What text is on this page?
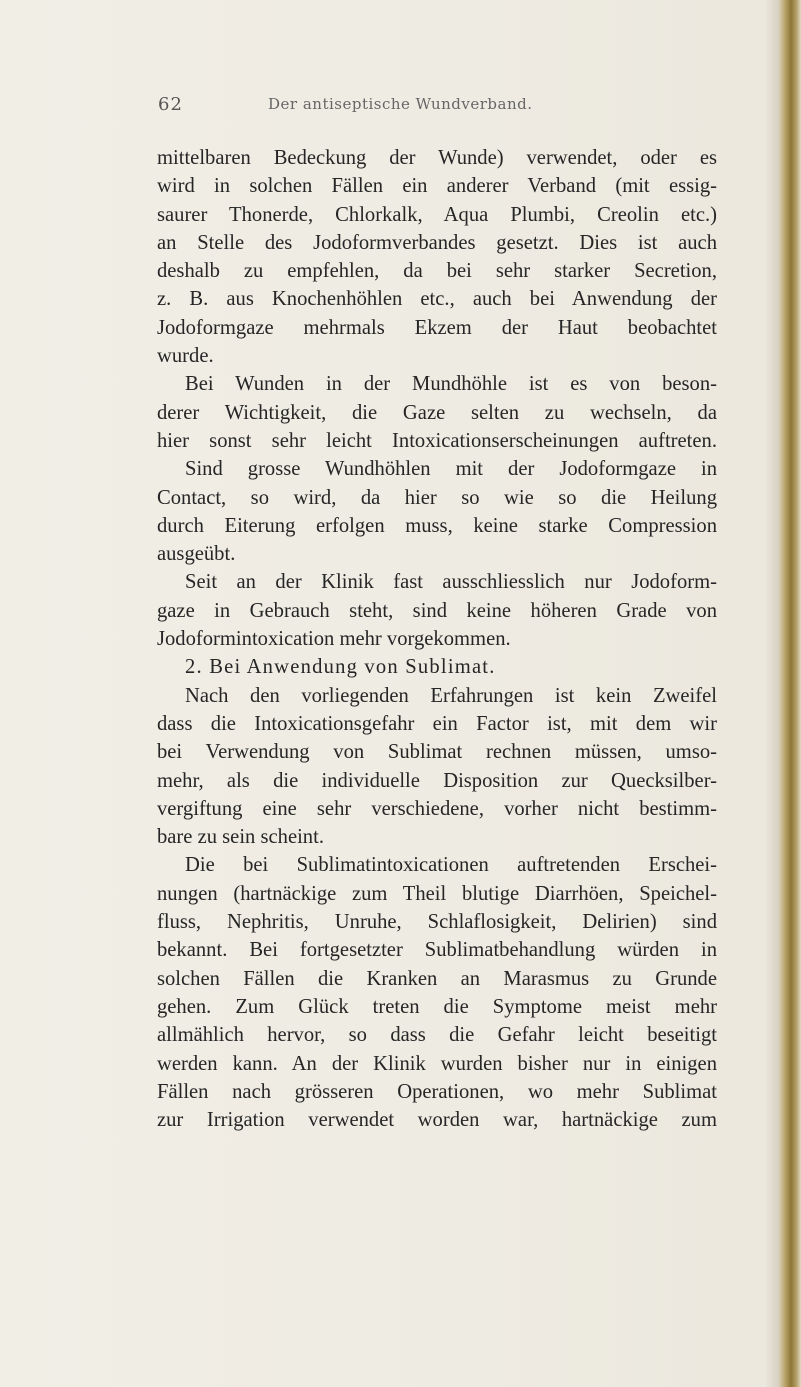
62	Der antiseptische Wundverband.
mittelbaren Bedeckung der Wunde) verwendet, oder es
wird in solchen Fällen ein anderer Verband (mit essig-
saurer Thonerde, Chlorkalk, Aqua Plumbi, Creolin etc.)
an Stelle des Jodoformverbandes gesetzt. Dies ist auch
deshalb zu empfehlen, da bei sehr starker Secretion,
z. B. aus Knochenhöhlen etc., auch bei Anwendung der
Jodoformgaze mehrmals Ekzem der Haut beobachtet
wurde.
Bei Wunden in der Mundhöhle ist es von beson-
derer Wichtigkeit, die Gaze selten zu wechseln, da
hier sonst sehr leicht Intoxicationserscheinungen auftreten.
Sind grosse Wundhöhlen mit der Jodoformgaze in
Contact, so wird, da hier so wie so die Heilung
durch Eiterung erfolgen muss, keine starke Compression
ausgeübt.
Seit an der Klinik fast ausschliesslich nur Jodoform-
gaze in Gebrauch steht, sind keine höheren Grade von
Jodoformintoxication mehr vorgekommen.
2. Bei Anwendung von Sublimat.
Nach den vorliegenden Erfahrungen ist kein Zweifel
dass die Intoxicationsgefahr ein Factor ist, mit dem wir
bei Verwendung von Sublimat rechnen müssen, umso-
mehr, als die individuelle Disposition zur Quecksilber-
vergiftung eine sehr verschiedene, vorher nicht bestimm-
bare zu sein scheint.
Die bei Sublimatintoxicationen auftretenden Erschei-
nungen (hartnäckige zum Theil blutige Diarrhöen, Speichel-
fluss, Nephritis, Unruhe, Schlaflosigkeit, Delirien) sind
bekannt. Bei fortgesetzter Sublimatbehandlung würden in
solchen Fällen die Kranken an Marasmus zu Grunde
gehen. Zum Glück treten die Symptome meist mehr
allmählich hervor, so dass die Gefahr leicht beseitigt
werden kann. An der Klinik wurden bisher nur in einigen
Fällen nach grösseren Operationen, wo mehr Sublimat
zur Irrigation verwendet worden war, hartnäckige zum
